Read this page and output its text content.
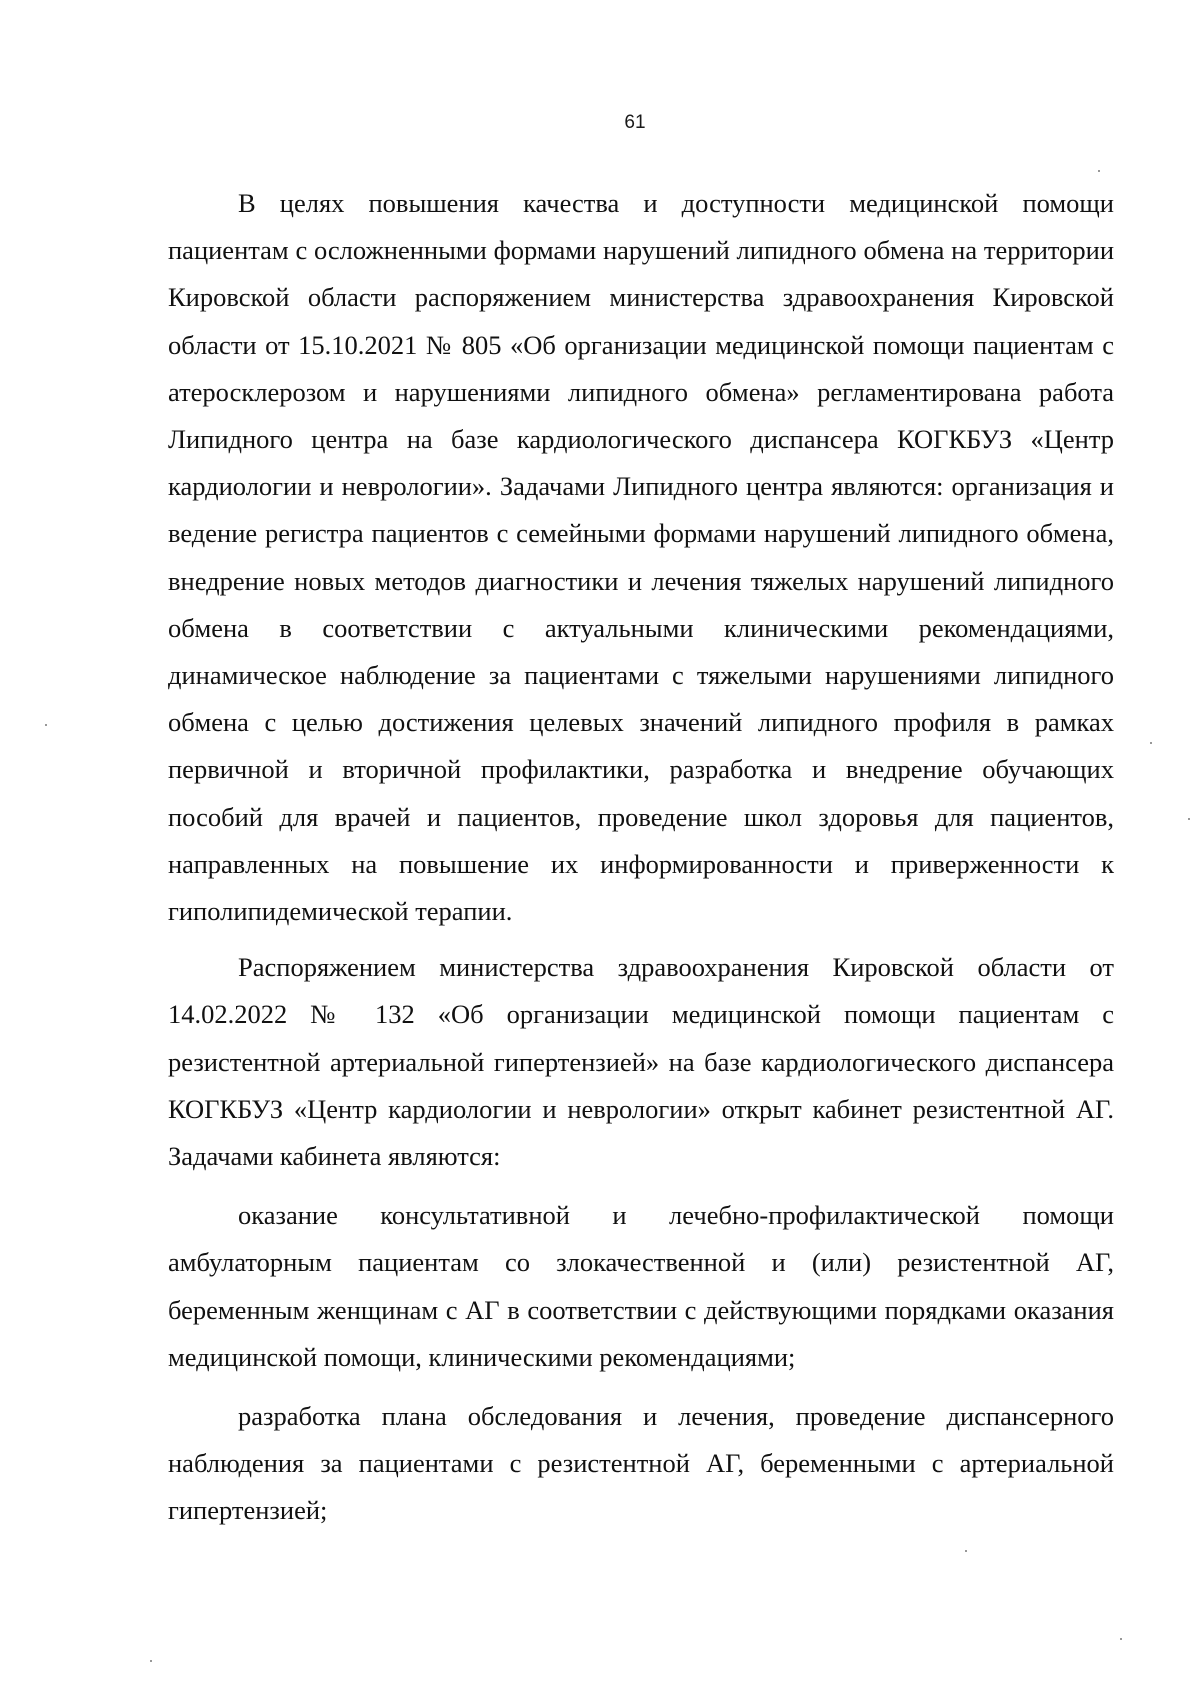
61

В целях повышения качества и доступности медицинской помощи пациентам с осложненными формами нарушений липидного обмена на территории Кировской области распоряжением министерства здравоохранения Кировской области от 15.10.2021 № 805 «Об организации медицинской помощи пациентам с атеросклерозом и нарушениями липидного обмена» регламентирована работа Липидного центра на базе кардиологического диспансера КОГКБУЗ «Центр кардиологии и неврологии». Задачами Липидного центра являются: организация и ведение регистра пациентов с семейными формами нарушений липидного обмена, внедрение новых методов диагностики и лечения тяжелых нарушений липидного обмена в соответствии с актуальными клиническими рекомендациями, динамическое наблюдение за пациентами с тяжелыми нарушениями липидного обмена с целью достижения целевых значений липидного профиля в рамках первичной и вторичной профилактики, разработка и внедрение обучающих пособий для врачей и пациентов, проведение школ здоровья для пациентов, направленных на повышение их информированности и приверженности к гиполипидемической терапии.

Распоряжением министерства здравоохранения Кировской области от 14.02.2022 № 132 «Об организации медицинской помощи пациентам с резистентной артериальной гипертензией» на базе кардиологического диспансера КОГКБУЗ «Центр кардиологии и неврологии» открыт кабинет резистентной АГ. Задачами кабинета являются:

оказание консультативной и лечебно-профилактической помощи амбулаторным пациентам со злокачественной и (или) резистентной АГ, беременным женщинам с АГ в соответствии с действующими порядками оказания медицинской помощи, клиническими рекомендациями;

разработка плана обследования и лечения, проведение диспансерного наблюдения за пациентами с резистентной АГ, беременными с артериальной гипертензией;
